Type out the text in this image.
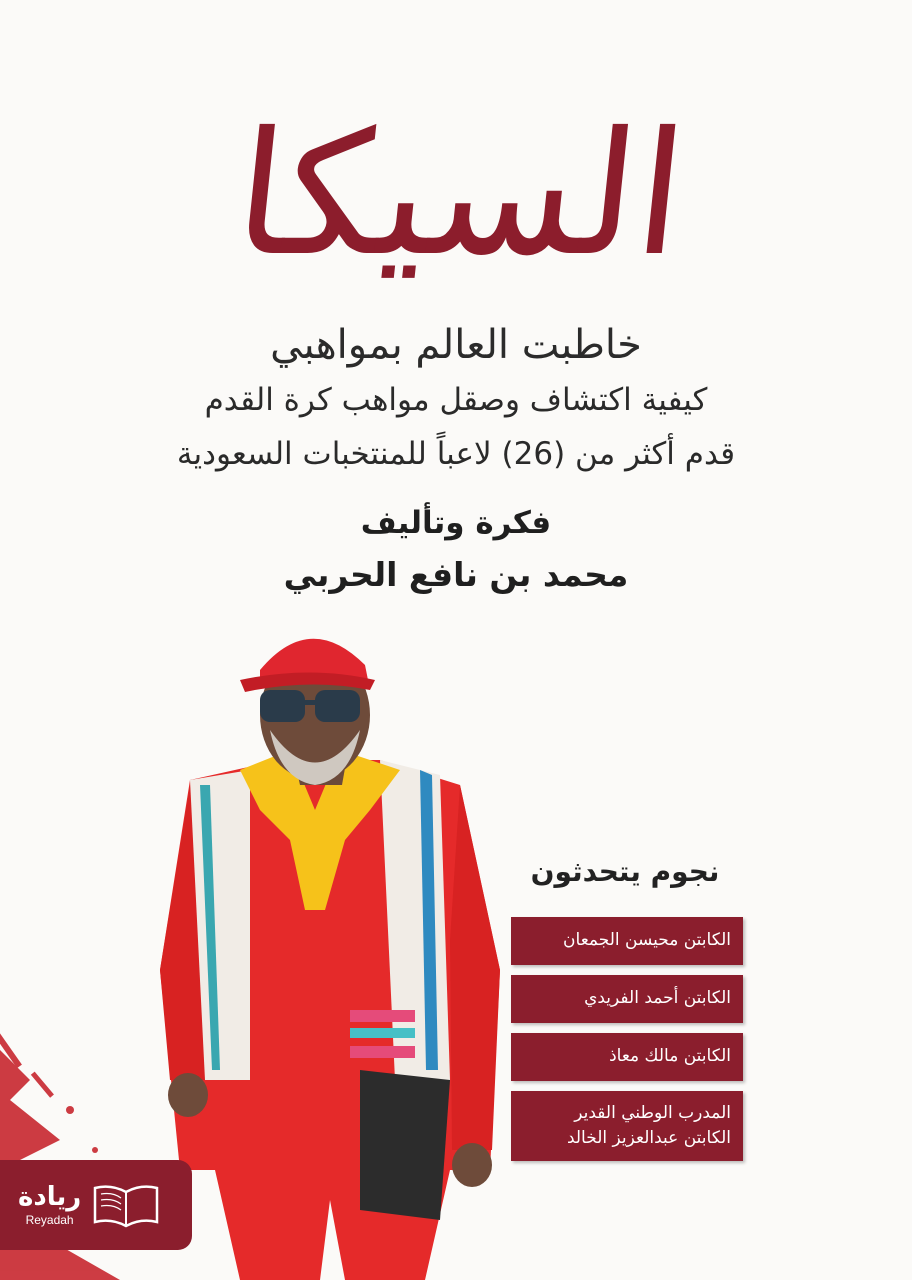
السيكا
خاطبت العالم بمواهبي
كيفية اكتشاف وصقل مواهب كرة القدم
قدم أكثر من (26) لاعباً للمنتخبات السعودية
فكرة وتأليف
محمد بن نافع الحربي
نجوم يتحدثون
الكابتن محيسن الجمعان
الكابتن أحمد الفريدي
الكابتن مالك معاذ
المدرب الوطني القدير
الكابتن عبدالعزيز الخالد
ريادة
Reyadah
